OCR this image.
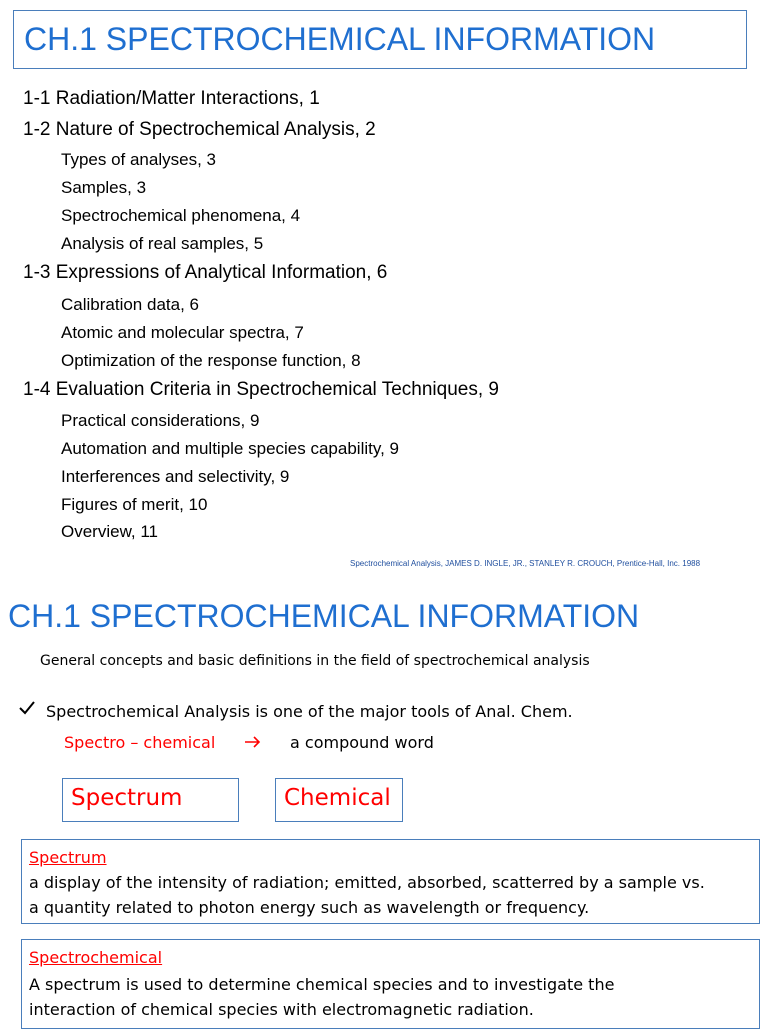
CH.1 SPECTROCHEMICAL INFORMATION
1-1 Radiation/Matter Interactions, 1
1-2 Nature of Spectrochemical Analysis, 2
Types of analyses, 3
Samples, 3
Spectrochemical phenomena, 4
Analysis of real samples, 5
1-3 Expressions of Analytical Information, 6
Calibration data, 6
Atomic and molecular spectra, 7
Optimization of the response function, 8
1-4 Evaluation Criteria in Spectrochemical Techniques, 9
Practical considerations, 9
Automation and multiple species capability, 9
Interferences and selectivity, 9
Figures of merit, 10
Overview, 11
Spectrochemical Analysis, JAMES D. INGLE, JR., STANLEY R. CROUCH, Prentice-Hall, Inc. 1988
CH.1 SPECTROCHEMICAL INFORMATION
General concepts and basic definitions in the field of spectrochemical analysis
Spectrochemical Analysis is one of the major tools of Anal. Chem.
Spectro – chemical	a compound word
Spectrum	Chemical
Spectrum
a display of the intensity of radiation; emitted, absorbed, scatterred by a sample vs.
a quantity related to photon energy such as wavelength or frequency.
Spectrochemical
A spectrum is used to determine chemical species and to investigate the
interaction of chemical species with electromagnetic radiation.
